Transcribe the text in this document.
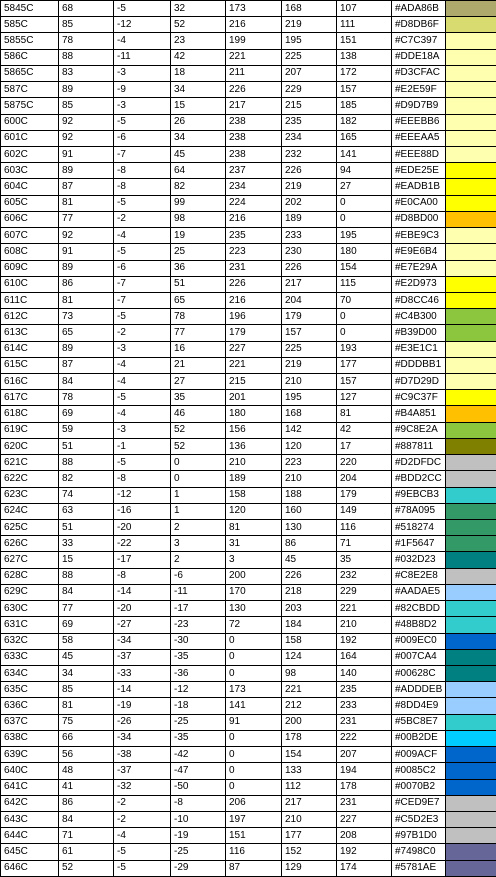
5845C	68	-5	32	173	168	107	#ADA86B	
585C	85	-12	52	216	219	111	#D8DB6F	
5855C	78	-4	23	199	195	151	#C7C397	
586C	88	-11	42	221	225	138	#DDE18A	
5865C	83	-3	18	211	207	172	#D3CFAC	
587C	89	-9	34	226	229	157	#E2E59F	
5875C	85	-3	15	217	215	185	#D9D7B9	
600C	92	-5	26	238	235	182	#EEEBB6	
601C	92	-6	34	238	234	165	#EEEAA5	
602C	91	-7	45	238	232	141	#EEE88D	
603C	89	-8	64	237	226	94	#EDE25E	
604C	87	-8	82	234	219	27	#EADB1B	
605C	81	-5	99	224	202	0	#E0CA00	
606C	77	-2	98	216	189	0	#D8BD00	
607C	92	-4	19	235	233	195	#EBE9C3	
608C	91	-5	25	223	230	180	#E9E6B4	
609C	89	-6	36	231	226	154	#E7E29A	
610C	86	-7	51	226	217	115	#E2D973	
611C	81	-7	65	216	204	70	#D8CC46	
612C	73	-5	78	196	179	0	#C4B300	
613C	65	-2	77	179	157	0	#B39D00	
614C	89	-3	16	227	225	193	#E3E1C1	
615C	87	-4	21	221	219	177	#DDDBB1	
616C	84	-4	27	215	210	157	#D7D29D	
617C	78	-5	35	201	195	127	#C9C37F	
618C	69	-4	46	180	168	81	#B4A851	
619C	59	-3	52	156	142	42	#9C8E2A	
620C	51	-1	52	136	120	17	#887811	
621C	88	-5	0	210	223	220	#D2DFDC	
622C	82	-8	0	189	210	204	#BDD2CC	
623C	74	-12	1	158	188	179	#9EBCB3	
624C	63	-16	1	120	160	149	#78A095	
625C	51	-20	2	81	130	116	#518274	
626C	33	-22	3	31	86	71	#1F5647	
627C	15	-17	2	3	45	35	#032D23	
628C	88	-8	-6	200	226	232	#C8E2E8	
629C	84	-14	-11	170	218	229	#AADAE5	
630C	77	-20	-17	130	203	221	#82CBDD	
631C	69	-27	-23	72	184	210	#48B8D2	
632C	58	-34	-30	0	158	192	#009EC0	
633C	45	-37	-35	0	124	164	#007CA4	
634C	34	-33	-36	0	98	140	#00628C	
635C	85	-14	-12	173	221	235	#ADDDEB	
636C	81	-19	-18	141	212	233	#8DD4E9	
637C	75	-26	-25	91	200	231	#5BC8E7	
638C	66	-34	-35	0	178	222	#00B2DE	
639C	56	-38	-42	0	154	207	#009ACF	
640C	48	-37	-47	0	133	194	#0085C2	
641C	41	-32	-50	0	112	178	#0070B2	
642C	86	-2	-8	206	217	231	#CED9E7	
643C	84	-2	-10	197	210	227	#C5D2E3	
644C	71	-4	-19	151	177	208	#97B1D0	
645C	61	-5	-25	116	152	192	#7498C0	
646C	52	-5	-29	87	129	174	#5781AE	
